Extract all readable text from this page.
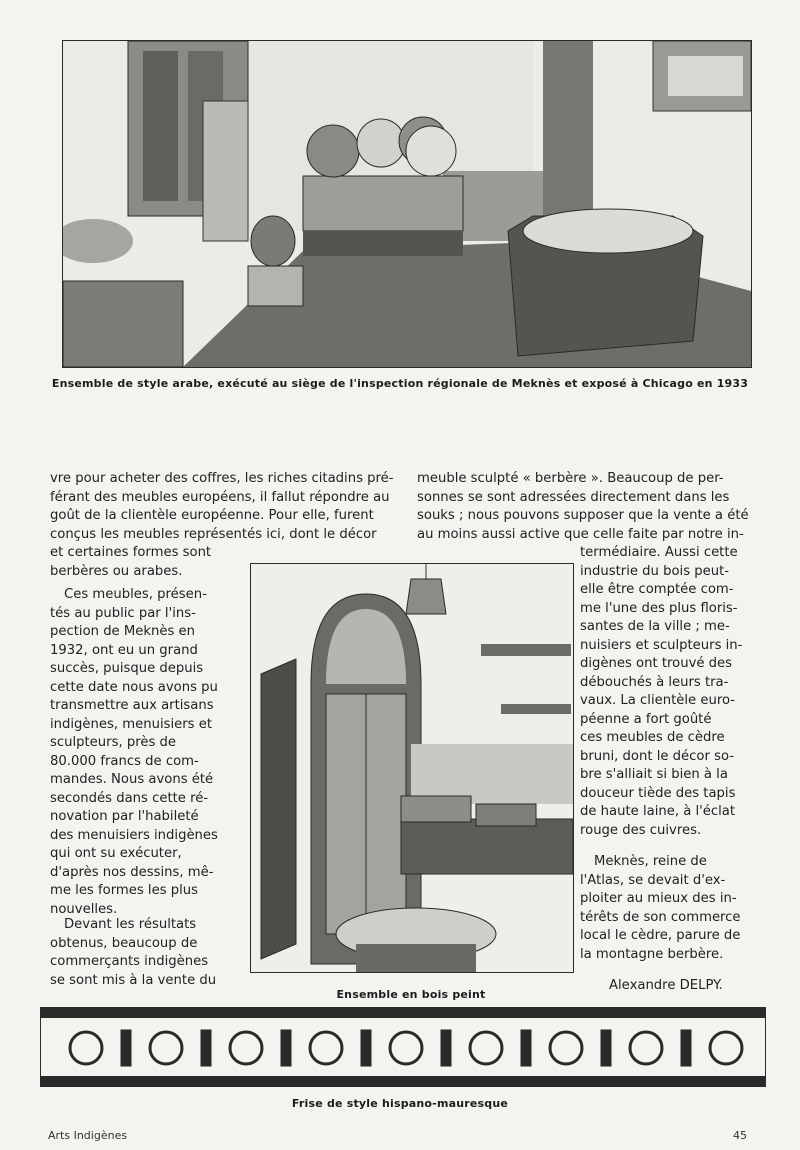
Ensemble de style arabe, exécuté au siège de l'inspection régionale de Meknès et exposé à Chicago en 1933
vre pour acheter des coffres, les riches citadins pré-
férant des meubles européens, il fallut répondre au
goût de la clientèle européenne. Pour elle, furent
conçus les meubles représentés ici, dont le décor
et certaines formes sont
berbères ou arabes.
Ces meubles, présen-
tés au public par l'ins-
pection de Meknès en
1932, ont eu un grand
succès, puisque depuis
cette date nous avons pu
transmettre aux artisans
indigènes, menuisiers et
sculpteurs, près de
80.000 francs de com-
mandes. Nous avons été
secondés dans cette ré-
novation par l'habileté
des menuisiers indigènes
qui ont su exécuter,
d'après nos dessins, mê-
me les formes les plus
nouvelles.
Devant les résultats
obtenus, beaucoup de
commerçants indigènes
se sont mis à la vente du
Ensemble en bois peint
meuble sculpté « berbère ». Beaucoup de per-
sonnes se sont adressées directement dans les
souks ; nous pouvons supposer que la vente a été
au moins aussi active que celle faite par notre in-
termédiaire. Aussi cette
industrie du bois peut-
elle être comptée com-
me l'une des plus floris-
santes de la ville ; me-
nuisiers et sculpteurs in-
digènes ont trouvé des
débouchés à leurs tra-
vaux. La clientèle euro-
péenne a fort goûté
ces meubles de cèdre
bruni, dont le décor so-
bre s'alliait si bien à la
douceur tiède des tapis
de haute laine, à l'éclat
rouge des cuivres.
Meknès, reine de
l'Atlas, se devait d'ex-
ploiter au mieux des in-
térêts de son commerce
local le cèdre, parure de
la montagne berbère.
Alexandre DELPY.
Frise de style hispano-mauresque
Arts Indigènes	45
